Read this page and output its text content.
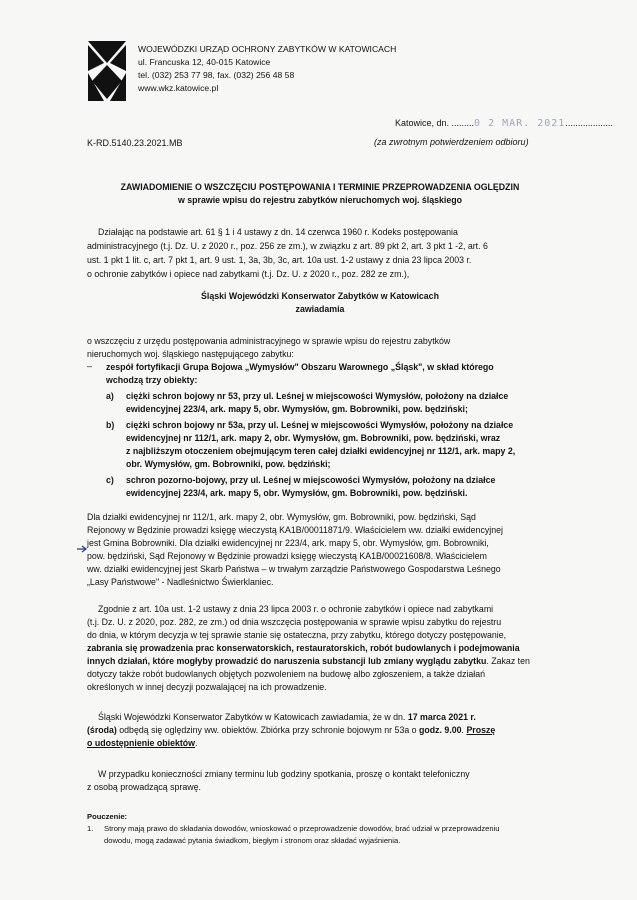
WOJEWÓDZKI URZĄD OCHRONY ZABYTKÓW W KATOWICACH
ul. Francuska 12, 40-015 Katowice
tel. (032) 253 77 98, fax. (032) 256 48 58
www.wkz.katowice.pl
K-RD.5140.23.2021.MB
Katowice, dn. .........0 2 MAR. 2021...................
(za zwrotnym potwierdzeniem odbioru)
ZAWIADOMIENIE O WSZCZĘCIU POSTĘPOWANIA I TERMINIE PRZEPROWADZENIA OGLĘDZIN
w sprawie wpisu do rejestru zabytków nieruchomych woj. śląskiego
Działając na podstawie art. 61 § 1 i 4 ustawy z dn. 14 czerwca 1960 r. Kodeks postępowania
administracyjnego (t.j. Dz. U. z 2020 r., poz. 256 ze zm.), w związku z art. 89 pkt 2, art. 3 pkt 1 -2, art. 6
ust. 1 pkt 1 lit. c, art. 7 pkt 1, art. 9 ust. 1, 3a, 3b, 3c, art. 10a ust. 1-2 ustawy z dnia 23 lipca 2003 r.
o ochronie zabytków i opiece nad zabytkami (t.j. Dz. U. z 2020 r., poz. 282 ze zm.),
Śląski Wojewódzki Konserwator Zabytków w Katowicach
zawiadamia
o wszczęciu z urzędu postępowania administracyjnego w sprawie wpisu do rejestru zabytków
nieruchomych woj. śląskiego następującego zabytku:
– zespół fortyfikacji Grupa Bojowa „Wymysłów" Obszaru Warownego „Śląsk", w skład którego
wchodzą trzy obiekty:
a) ciężki schron bojowy nr 53, przy ul. Leśnej w miejscowości Wymysłów, położony na działce
ewidencyjnej 223/4, ark. mapy 5, obr. Wymysłów, gm. Bobrowniki, pow. będziński;
b) ciężki schron bojowy nr 53a, przy ul. Leśnej w miejscowości Wymysłów, położony na działce
ewidencyjnej nr 112/1, ark. mapy 2, obr. Wymysłów, gm. Bobrowniki, pow. będziński, wraz
z najbliższym otoczeniem obejmującym teren całej działki ewidencyjnej nr 112/1, ark. mapy 2,
obr. Wymysłów, gm. Bobrowniki, pow. będziński;
c) schron pozorno-bojowy, przy ul. Leśnej w miejscowości Wymysłów, położony na działce
ewidencyjnej 223/4, ark. mapy 5, obr. Wymysłów, gm. Bobrowniki, pow. będziński.
Dla działki ewidencyjnej nr 112/1, ark. mapy 2, obr. Wymysłów, gm. Bobrowniki, pow. będziński, Sąd
Rejonowy w Będzinie prowadzi księgę wieczystą KA1B/00011871/9. Właścicielem ww. działki ewidencyjnej
jest Gmina Bobrowniki. Dla działki ewidencyjnej nr 223/4, ark. mapy 5, obr. Wymysłów, gm. Bobrowniki,
pow. będziński, Sąd Rejonowy w Będzinie prowadzi księgę wieczystą KA1B/00021608/8. Właścicielem
ww. działki ewidencyjnej jest Skarb Państwa – w trwałym zarządzie Państwowego Gospodarstwa Leśnego
„Lasy Państwowe" - Nadleśnictwo Świerklaniec.
Zgodnie z art. 10a ust. 1-2 ustawy z dnia 23 lipca 2003 r. o ochronie zabytków i opiece nad zabytkami
(t.j. Dz. U. z 2020, poz. 282, ze zm.) od dnia wszczęcia postępowania w sprawie wpisu zabytku do rejestru
do dnia, w którym decyzja w tej sprawie stanie się ostateczna, przy zabytku, którego dotyczy postępowanie,
zabrania się prowadzenia prac konserwatorskich, restauratorskich, robót budowlanych i podejmowania
innych działań, które mogłyby prowadzić do naruszenia substancji lub zmiany wyglądu zabytku. Zakaz ten
dotyczy także robót budowlanych objętych pozwoleniem na budowę albo zgłoszeniem, a także działań
określonych w innej decyzji pozwalającej na ich prowadzenie.
Śląski Wojewódzki Konserwator Zabytków w Katowicach zawiadamia, że w dn. 17 marca 2021 r.
(środa) odbędą się oględziny ww. obiektów. Zbiórka przy schronie bojowym nr 53a o godz. 9.00. Proszę
o udostępnienie obiektów.
W przypadku konieczności zmiany terminu lub godziny spotkania, proszę o kontakt telefoniczny
z osobą prowadzącą sprawę.
Pouczenie:
1. Strony mają prawo do składania dowodów, wnioskować o przeprowadzenie dowodów, brać udział w przeprowadzeniu
dowodu, mogą zadawać pytania świadkom, biegłym i stronom oraz składać wyjaśnienia.
